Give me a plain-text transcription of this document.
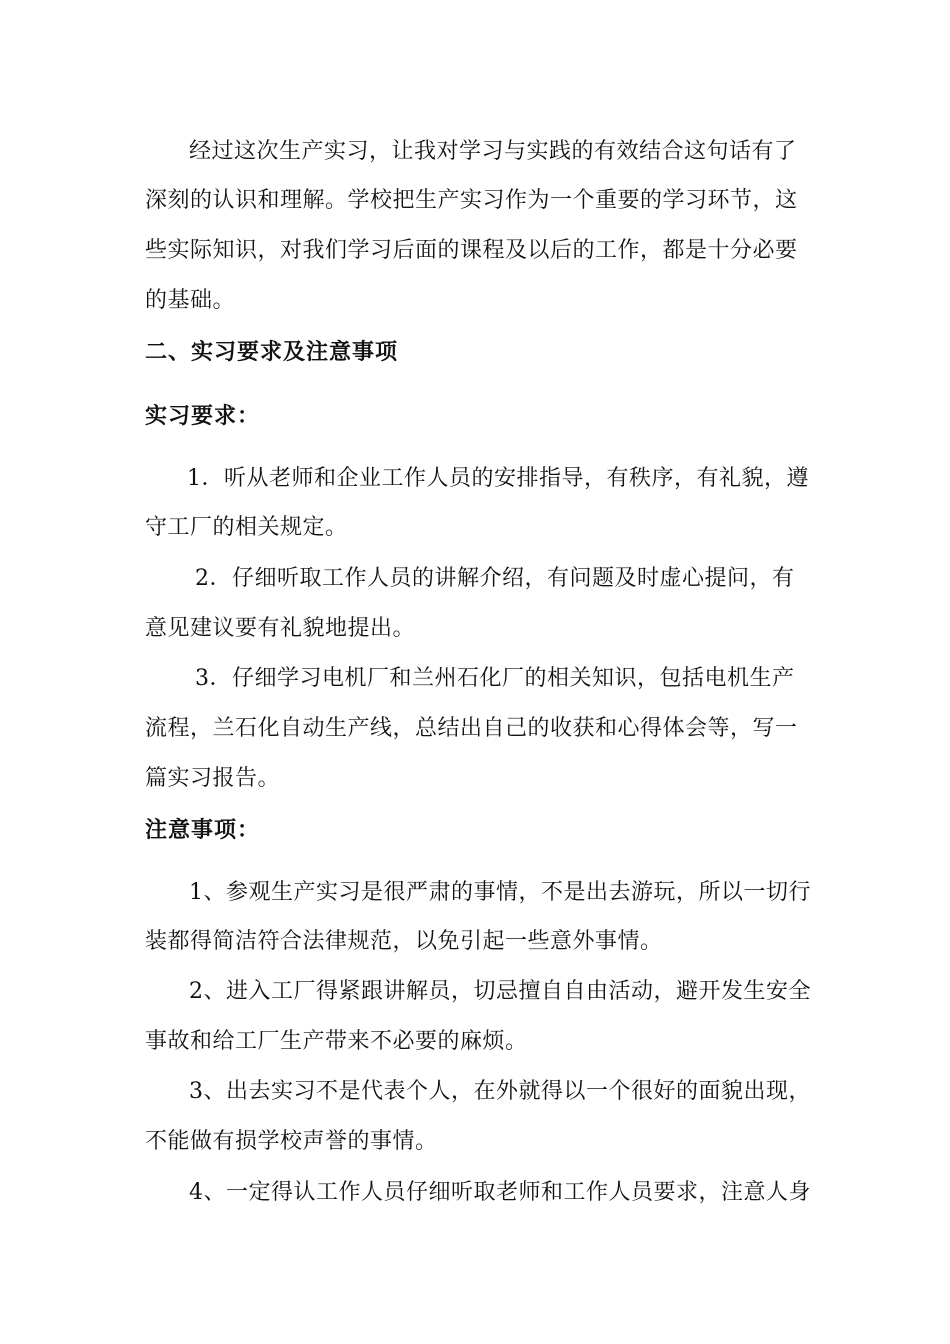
经过这次生产实习，让我对学习与实践的有效结合这句话有了
深刻的认识和理解。学校把生产实习作为一个重要的学习环节，这
些实际知识，对我们学习后面的课程及以后的工作，都是十分必要
的基础。
二、实习要求及注意事项
实习要求：
1．听从老师和企业工作人员的安排指导，有秩序，有礼貌，遵
守工厂的相关规定。
2．仔细听取工作人员的讲解介绍，有问题及时虚心提问，有
意见建议要有礼貌地提出。
3．仔细学习电机厂和兰州石化厂的相关知识，包括电机生产
流程，兰石化自动生产线，总结出自己的收获和心得体会等，写一
篇实习报告。
注意事项：
1、参观生产实习是很严肃的事情，不是出去游玩，所以一切行
装都得简洁符合法律规范，以免引起一些意外事情。
2、进入工厂得紧跟讲解员，切忌擅自自由活动，避开发生安全
事故和给工厂生产带来不必要的麻烦。
3、出去实习不是代表个人，在外就得以一个很好的面貌出现，
不能做有损学校声誉的事情。
4、一定得认工作人员仔细听取老师和工作人员要求，注意人身
